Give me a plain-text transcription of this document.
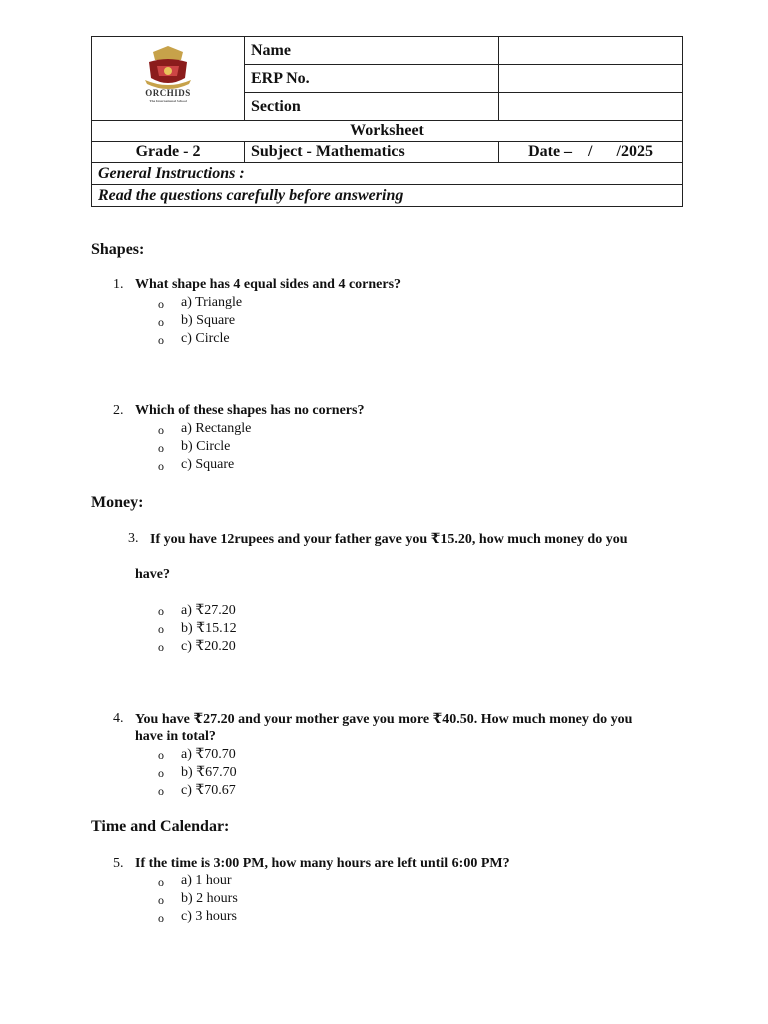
ORCHIDS
The International School	Name	
	ERP No.	
	Section	
Worksheet		
Grade - 2	Subject - Mathematics	Date –    /      /2025
General Instructions :		
Read the questions carefully before answering		
Shapes:
1. What shape has 4 equal sides and 4 corners?
o a) Triangle
o b) Square
o c) Circle
2. Which of these shapes has no corners?
o a) Rectangle
o b) Circle
o c) Square
Money:
3. If you have 12rupees and your father gave you ₹15.20, how much money do you
have?
o a) ₹27.20
o b) ₹15.12
o c) ₹20.20
4. You have ₹27.20 and your mother gave you more ₹40.50. How much money do you
have in total?
o a) ₹70.70
o b) ₹67.70
o c) ₹70.67
Time and Calendar:
5. If the time is 3:00 PM, how many hours are left until 6:00 PM?
o a) 1 hour
o b) 2 hours
o c) 3 hours
